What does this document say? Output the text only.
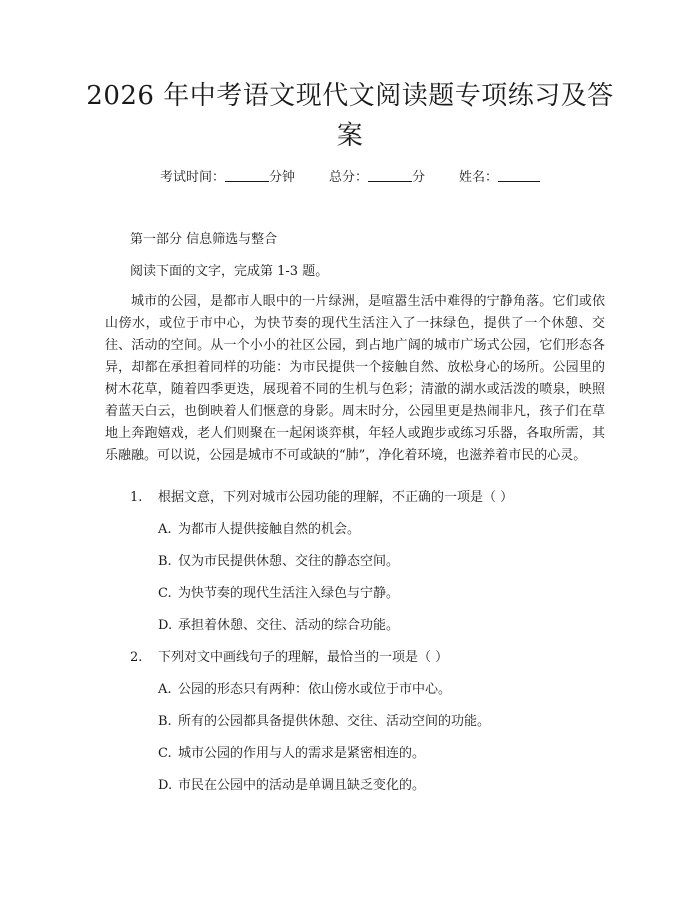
2026 年中考语文现代文阅读题专项练习及答案
考试时间：	分钟	总分：	分	姓名：
第一部分 信息筛选与整合
阅读下面的文字，完成第 1-3 题。

城市的公园，是都市人眼中的一片绿洲，是喧嚣生活中难得的宁静角落。它们或依山傍水，或位于市中心，为快节奏的现代生活注入了一抹绿色，提供了一个休憩、交往、活动的空间。从一个小小的社区公园，到占地广阔的城市广场式公园，它们形态各异，却都在承担着同样的功能：为市民提供一个接触自然、放松身心的场所。公园里的树木花草，随着四季更迭，展现着不同的生机与色彩；清澈的湖水或活泼的喷泉，映照着蓝天白云，也倒映着人们惬意的身影。周末时分，公园里更是热闹非凡，孩子们在草地上奔跑嬉戏，老人们则聚在一起闲谈弈棋，年轻人或跑步或练习乐器，各取所需，其乐融融。可以说，公园是城市不可或缺的“肺”，净化着环境，也滋养着市民的心灵。

1. 根据文意，下列对城市公园功能的理解，不正确的一项是（ ）
A. 为都市人提供接触自然的机会。
B. 仅为市民提供休憩、交往的静态空间。
C. 为快节奏的现代生活注入绿色与宁静。
D. 承担着休憩、交往、活动的综合功能。
2. 下列对文中画线句子的理解，最恰当的一项是（ ）
A. 公园的形态只有两种：依山傍水或位于市中心。
B. 所有的公园都具备提供休憩、交往、活动空间的功能。
C. 城市公园的作用与人的需求是紧密相连的。
D. 市民在公园中的活动是单调且缺乏变化的。
